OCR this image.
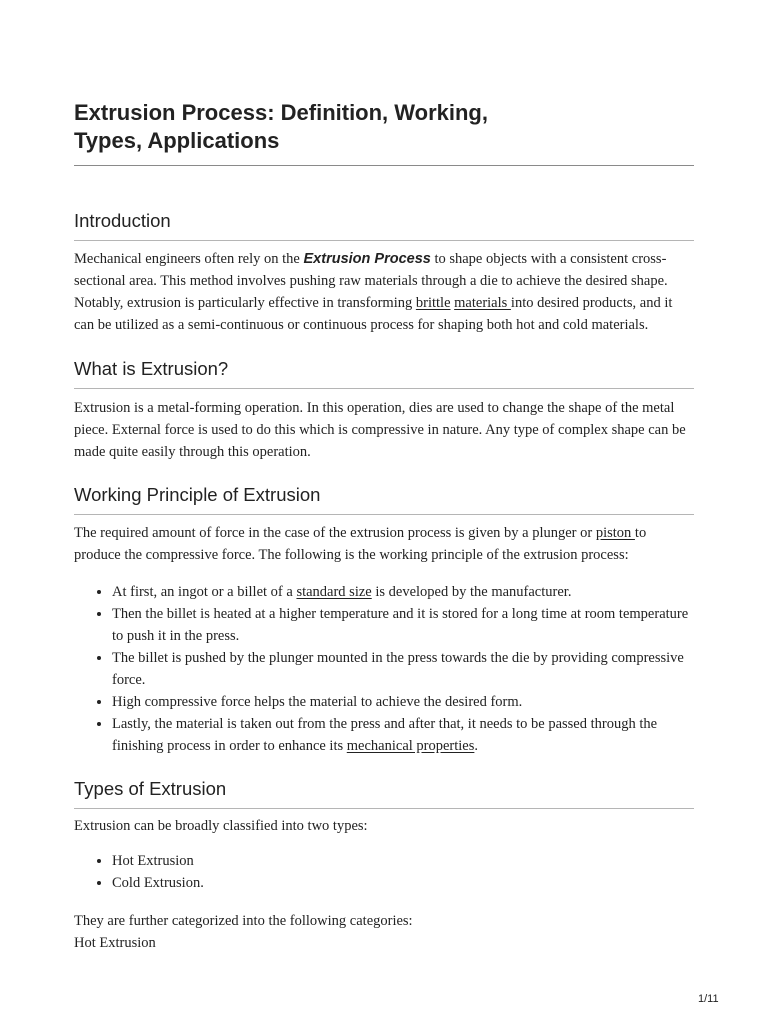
Extrusion Process: Definition, Working,
Types, Applications
Introduction

Mechanical engineers often rely on the Extrusion Process to shape objects with a consistent cross-sectional area. This method involves pushing raw materials through a die to achieve the desired shape. Notably, extrusion is particularly effective in transforming brittle materials into desired products, and it can be utilized as a semi-continuous or continuous process for shaping both hot and cold materials.

What is Extrusion?

Extrusion is a metal-forming operation. In this operation, dies are used to change the shape of the metal piece. External force is used to do this which is compressive in nature. Any type of complex shape can be made quite easily through this operation.

Working Principle of Extrusion

The required amount of force in the case of the extrusion process is given by a plunger or piston to produce the compressive force. The following is the working principle of the extrusion process:

• At first, an ingot or a billet of a standard size is developed by the manufacturer.
• Then the billet is heated at a higher temperature and it is stored for a long time at room temperature to push it in the press.
• The billet is pushed by the plunger mounted in the press towards the die by providing compressive force.
• High compressive force helps the material to achieve the desired form.
• Lastly, the material is taken out from the press and after that, it needs to be passed through the finishing process in order to enhance its mechanical properties.
Types of Extrusion

Extrusion can be broadly classified into two types:

• Hot Extrusion
• Cold Extrusion.

They are further categorized into the following categories:

Hot Extrusion

1/11
